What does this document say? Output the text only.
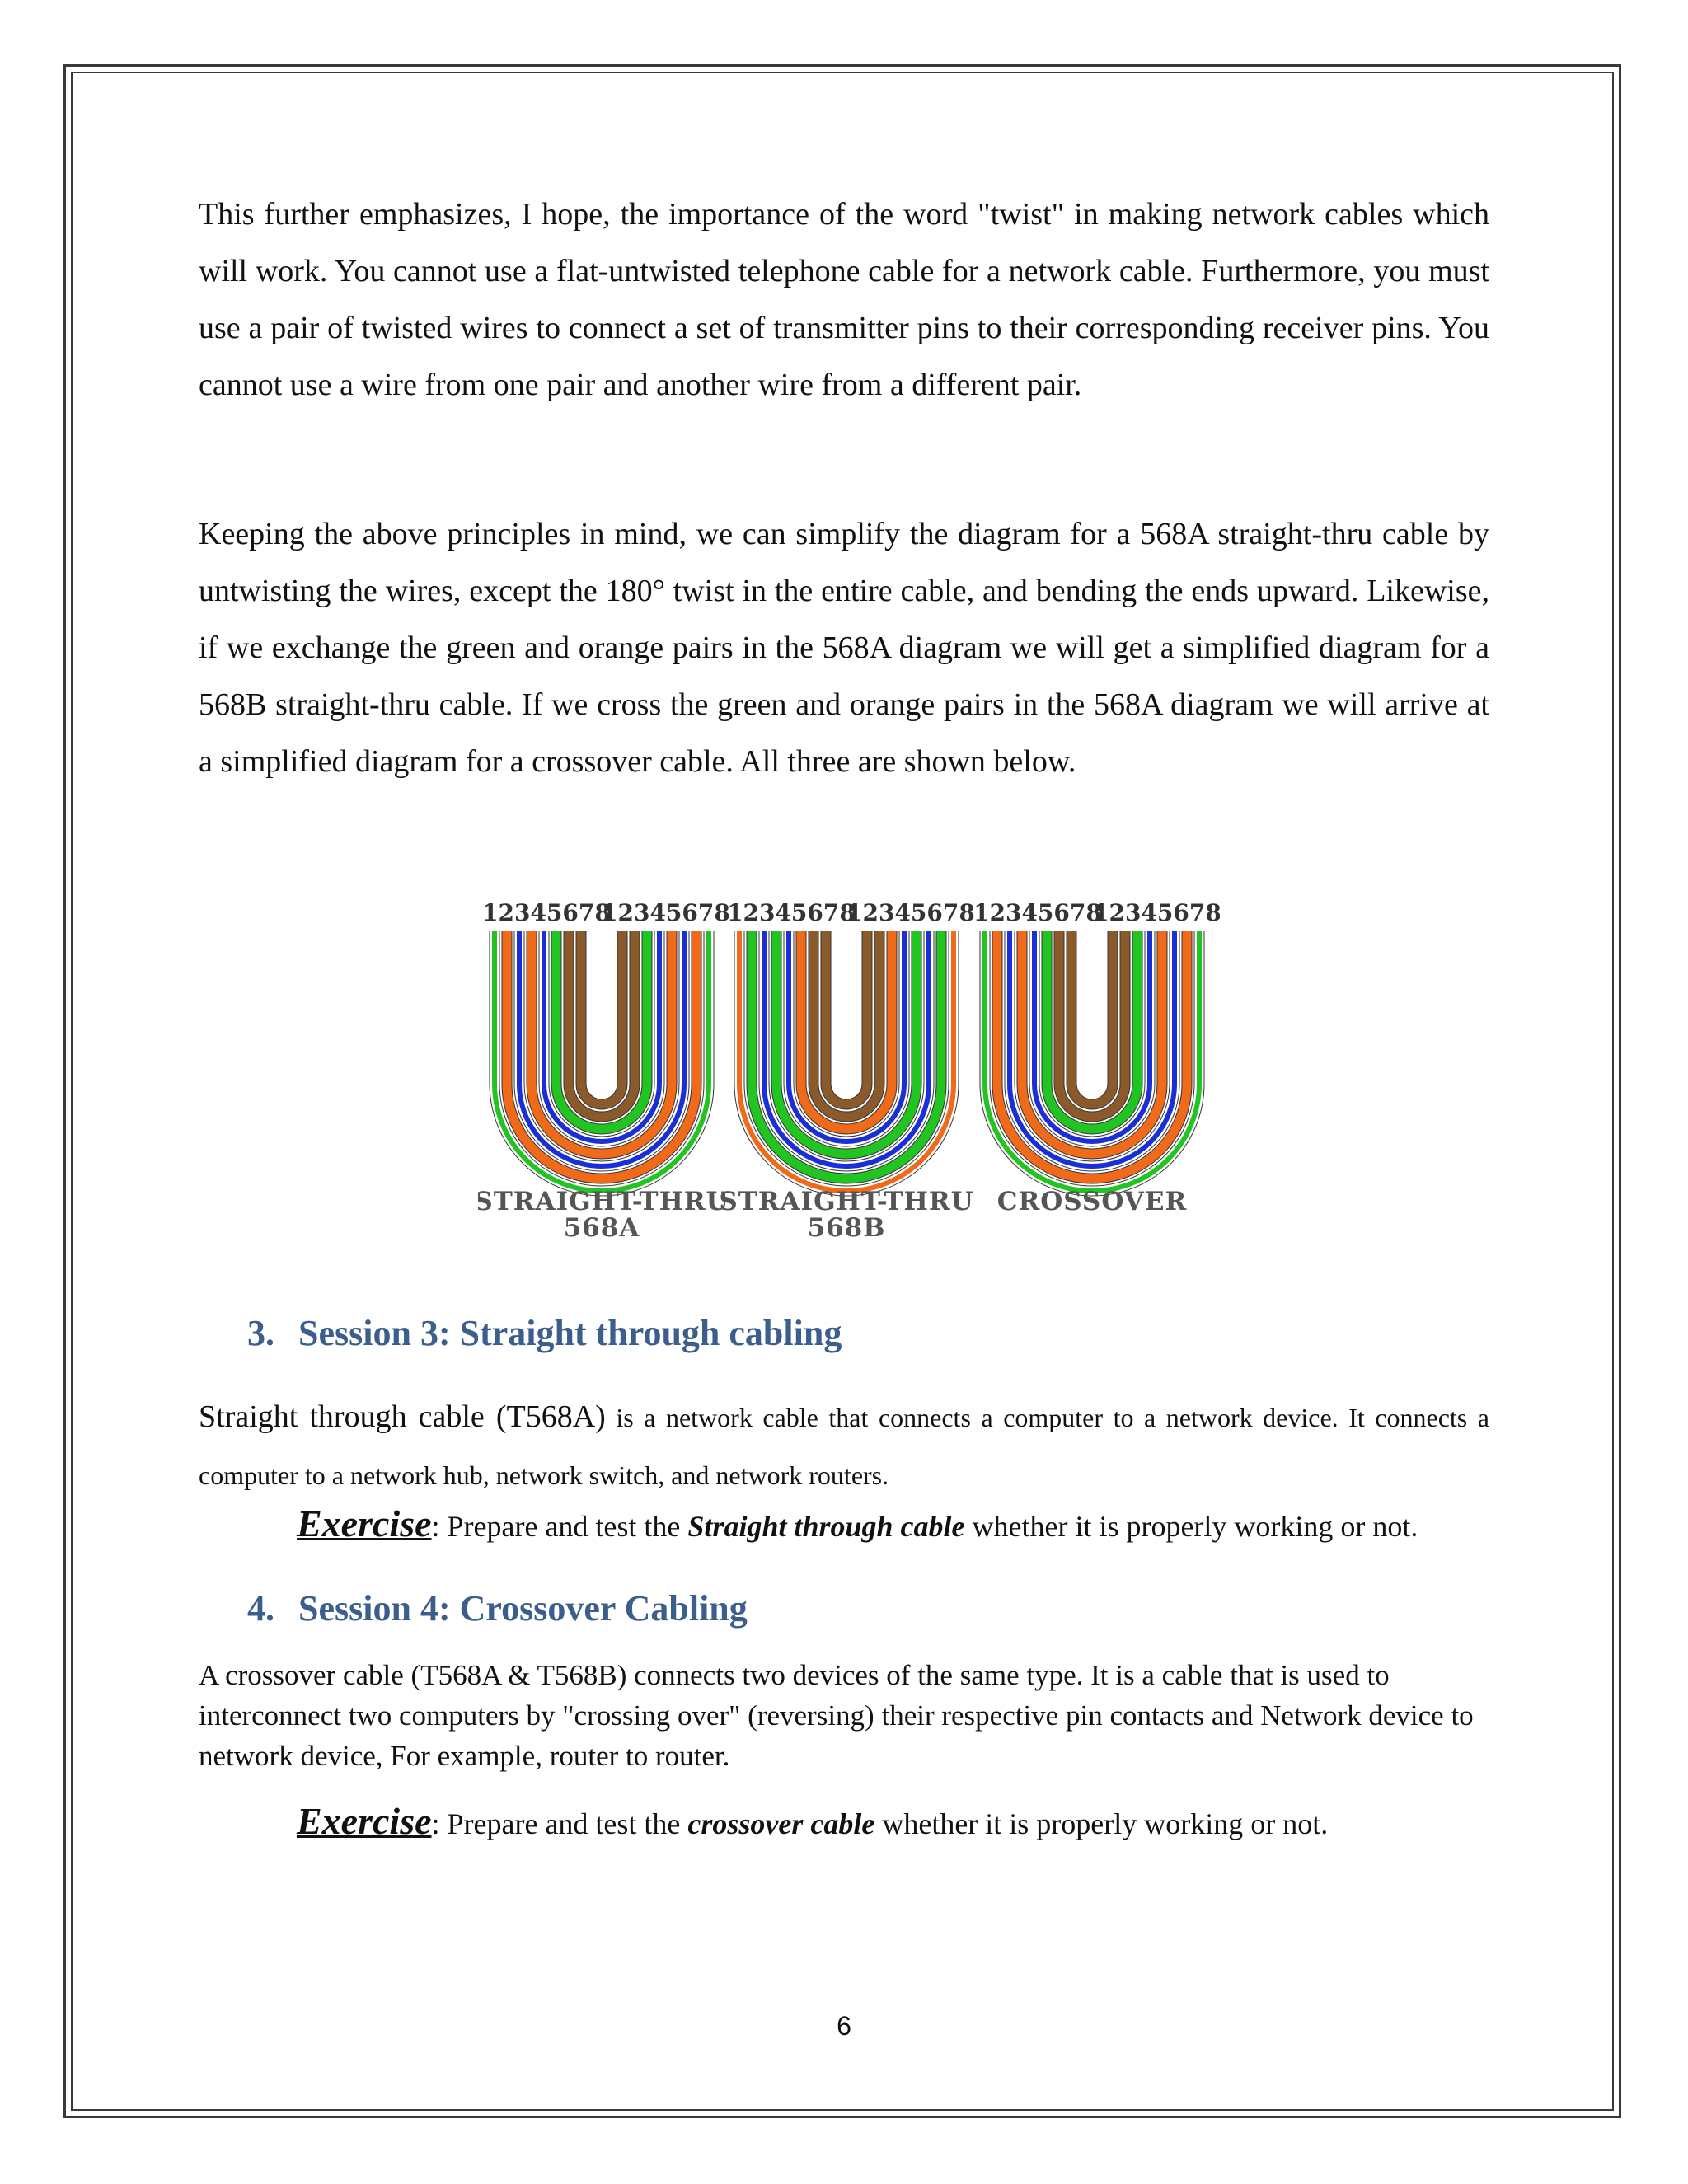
This further emphasizes, I hope, the importance of the word "twist" in making network cables which will work. You cannot use a flat-untwisted telephone cable for a network cable. Furthermore, you must use a pair of twisted wires to connect a set of transmitter pins to their corresponding receiver pins. You cannot use a wire from one pair and another wire from a different pair.

Keeping the above principles in mind, we can simplify the diagram for a 568A straight-thru cable by untwisting the wires, except the 180° twist in the entire cable, and bending the ends upward. Likewise, if we exchange the green and orange pairs in the 568A diagram we will get a simplified diagram for a 568B straight-thru cable. If we cross the green and orange pairs in the 568A diagram we will arrive at a simplified diagram for a crossover cable. All three are shown below.

12345678
12345678
12345678
12345678
12345678
12345678
STRAIGHT-THRU
568A
STRAIGHT-THRU
568B
CROSSOVER
3. Session 3: Straight through cabling

Straight through cable (T568A) is a network cable that connects a computer to a network device. It connects a computer to a network hub, network switch, and network routers.

Exercise: Prepare and test the Straight through cable whether it is properly working or not.

4. Session 4: Crossover Cabling

A crossover cable (T568A & T568B) connects two devices of the same type. It is a cable that is used to interconnect two computers by "crossing over" (reversing) their respective pin contacts and Network device to network device, For example, router to router.

Exercise: Prepare and test the crossover cable whether it is properly working or not.

6
